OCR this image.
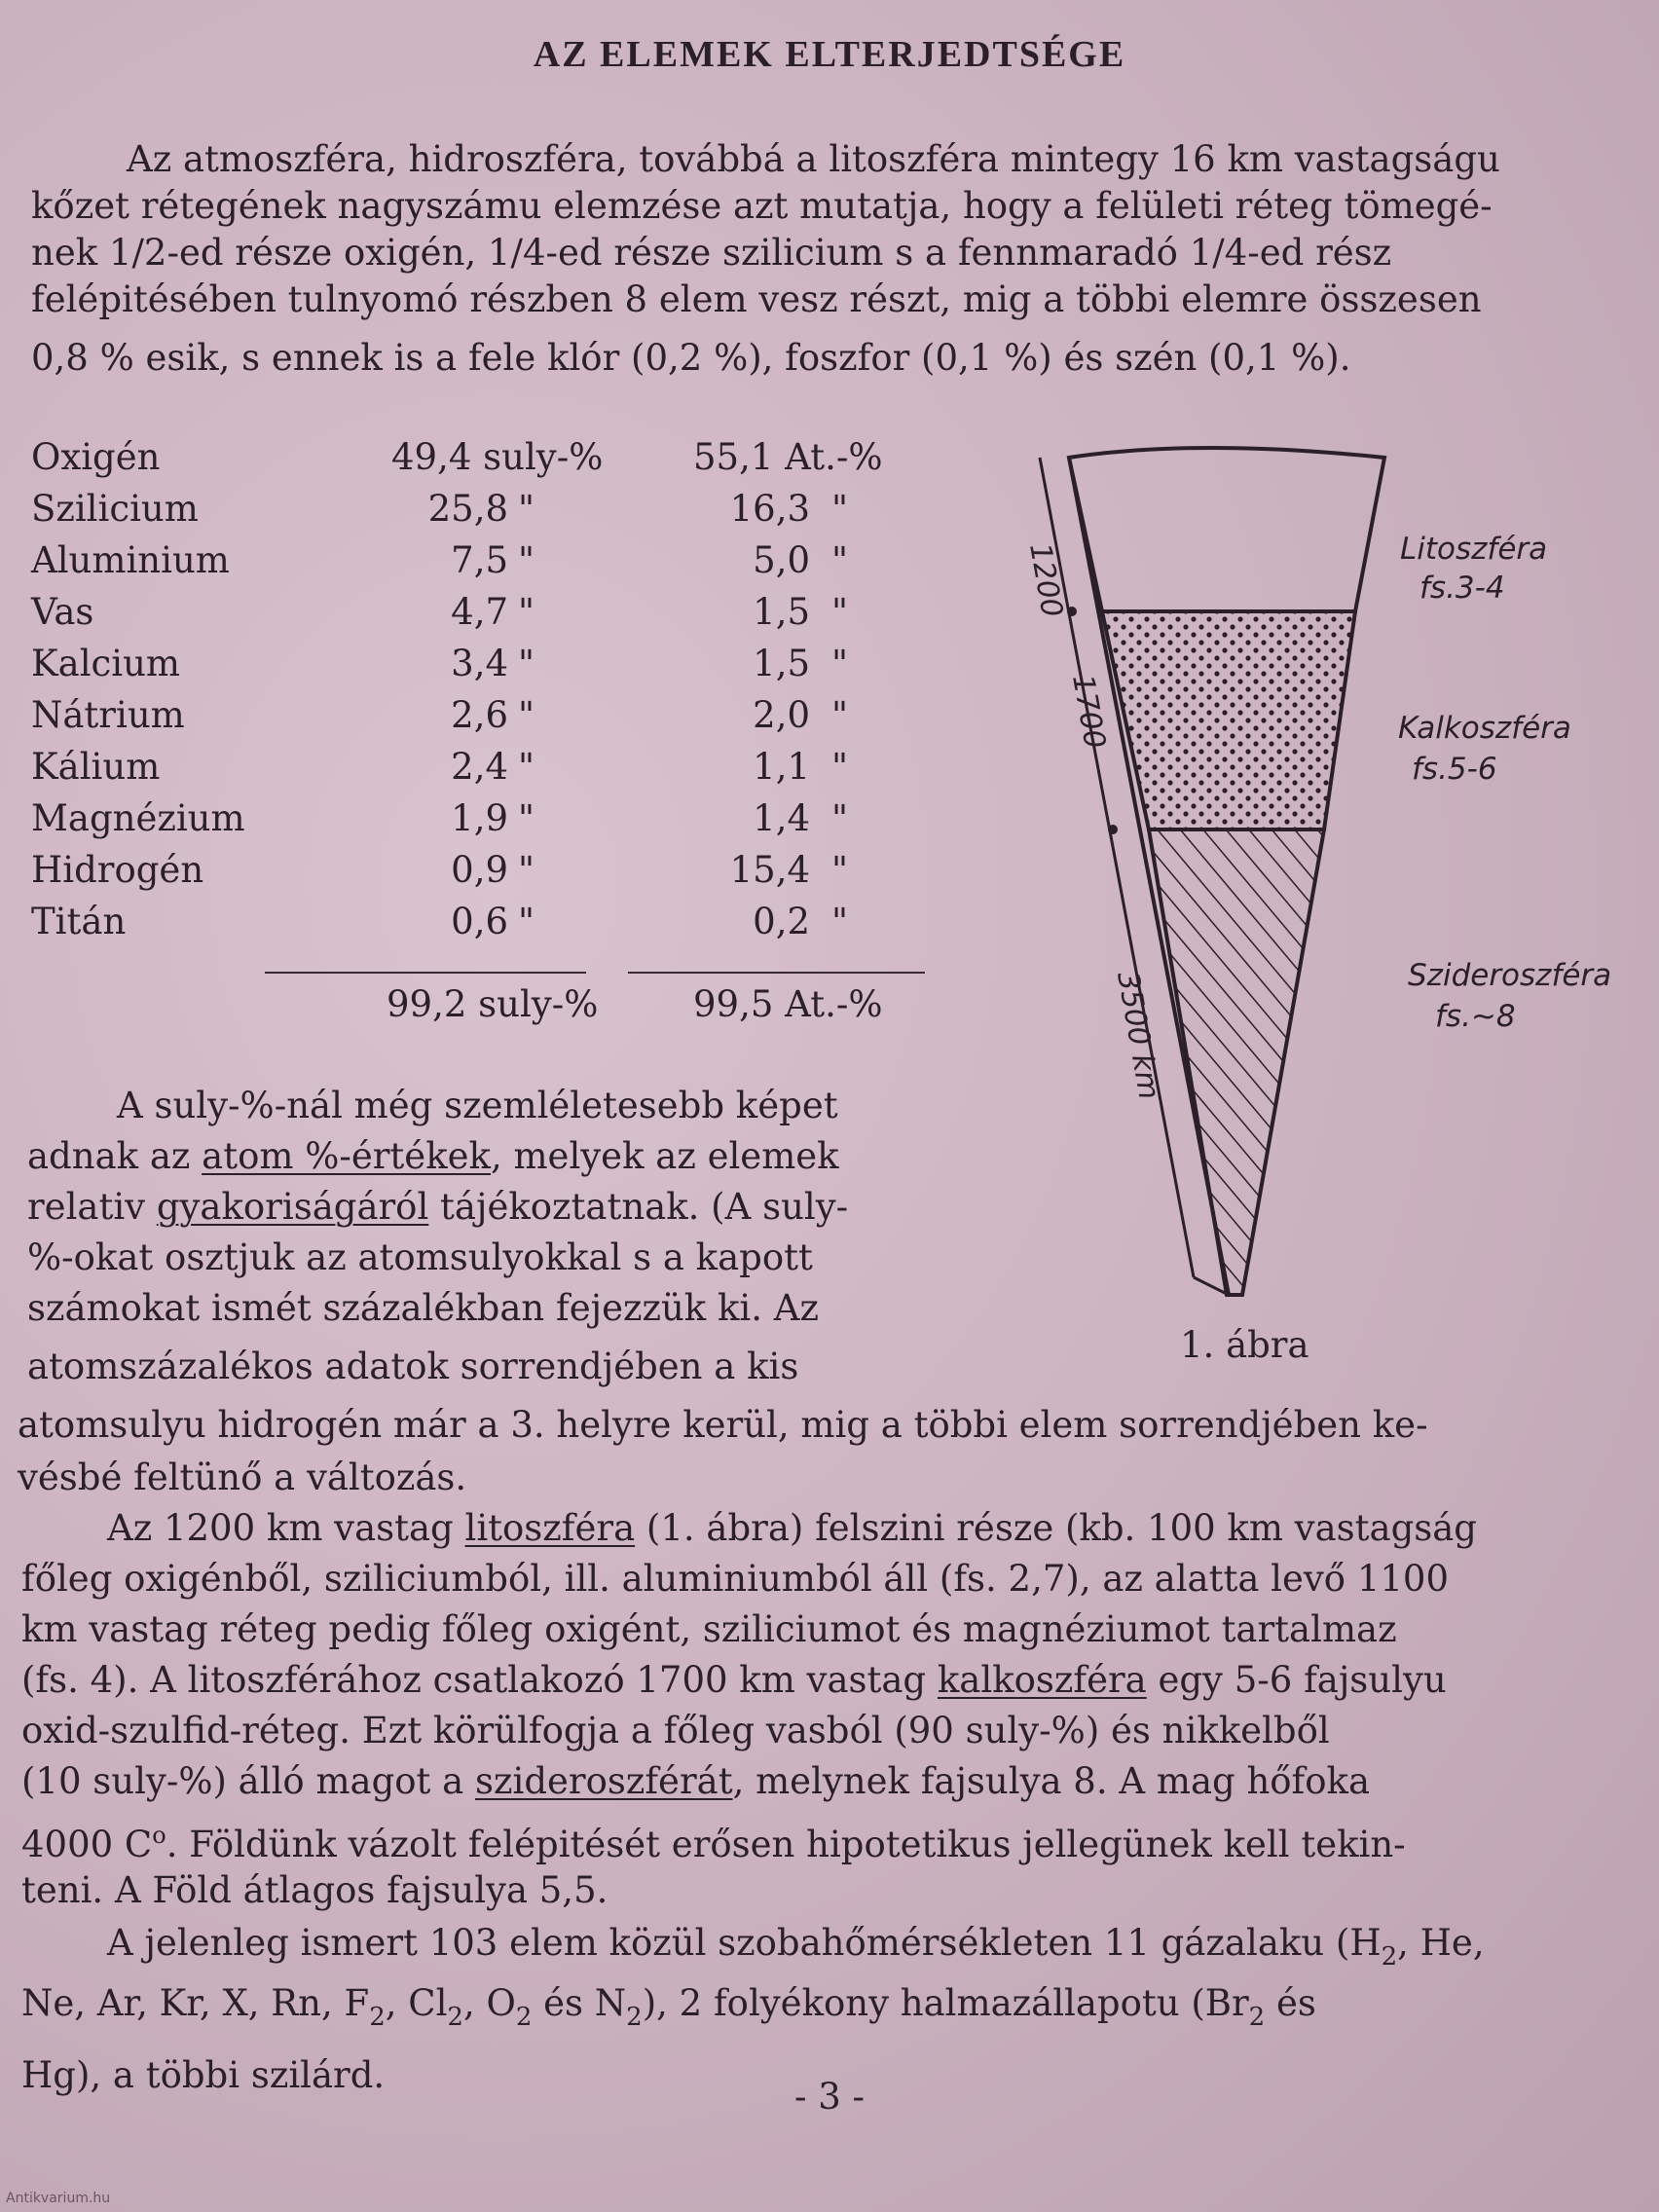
AZ ELEMEK ELTERJEDTSÉGE
Az atmoszféra, hidroszféra, továbbá a litoszféra mintegy 16 km vastagságu
kőzet rétegének nagyszámu elemzése azt mutatja, hogy a felületi réteg tömegé-
nek 1/2-ed része oxigén, 1/4-ed része szilicium s a fennmaradó 1/4-ed rész
felépitésében tulnyomó részben 8 elem vesz részt, mig a többi elemre összesen
0,8 % esik, s ennek is a fele klór (0,2 %), foszfor (0,1 %) és szén (0,1 %).
Oxigén	49,4 suly-%	55,1 At.-%
Szilicium	25,8 "	16,3 "
Aluminium	7,5 "	5,0 "
Vas	4,7 "	1,5 "
Kalcium	3,4 "	1,5 "
Nátrium	2,6 "	2,0 "
Kálium	2,4 "	1,1 "
Magnézium	1,9 "	1,4 "
Hidrogén	0,9 "	15,4 "
Titán	0,6 "	0,2 "
99,2 suly-%	99,5 At.-%
1200
1700
3500 km
Litoszféra
fs.3-4
Kalkoszféra
fs.5-6
Sziderоszféra
fs.~8
1. ábra
A suly-%-nál még szemléletesebb képet
adnak az atom %-értékek, melyek az elemek
relativ gyakoriságáról tájékoztatnak. (A suly-
%-okat osztjuk az atomsulyokkal s a kapott
számokat ismét százalékban fejezzük ki. Az
atomszázalékos adatok sorrendjében a kis
atomsulyu hidrogén már a 3. helyre kerül, mig a többi elem sorrendjében ke-
vésbé feltünő a változás.
Az 1200 km vastag litoszféra (1. ábra) felszini része (kb. 100 km vastagság
főleg oxigénből, sziliciumból, ill. aluminiumból áll (fs. 2,7), az alatta levő 1100
km vastag réteg pedig főleg oxigént, sziliciumot és magnéziumot tartalmaz
(fs. 4). A litoszférához csatlakozó 1700 km vastag kalkoszféra egy 5-6 fajsulyu
oxid-szulfid-réteg. Ezt körülfogja a főleg vasból (90 suly-%) és nikkelből
(10 suly-%) álló magot a sziderоszférát, melynek fajsulya 8. A mag hőfoka
4000 $C^o$. Földünk vázolt felépitését erősen hipotetikus jellegünek kell tekin-
teni. A Föld átlagos fajsulya 5,5.
A jelenleg ismert 103 elem közül szobahőmérsékleten 11 gázalaku ($H_2$, He,
Ne, Ar, Kr, X, Rn, $F_2$, $Cl_2$, $O_2$ és $N_2$), 2 folyékony halmazállapotu ($Br_2$ és
Hg), a többi szilárd.
- 3 -
Antikvarium.hu
